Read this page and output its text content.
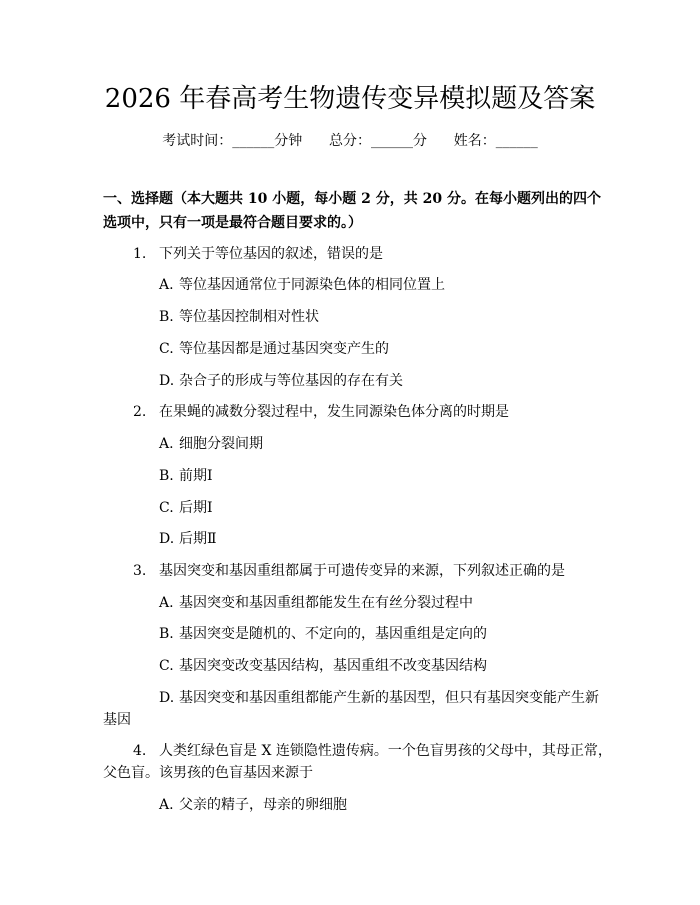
2026 年春高考生物遗传变异模拟题及答案
考试时间：______分钟      总分：______分      姓名：______
一、选择题（本大题共 10 小题，每小题 2 分，共 20 分。在每小题列出的四个选项中，只有一项是最符合题目要求的。）
1. 下列关于等位基因的叙述，错误的是
A. 等位基因通常位于同源染色体的相同位置上
B. 等位基因控制相对性状
C. 等位基因都是通过基因突变产生的
D. 杂合子的形成与等位基因的存在有关
2. 在果蝇的减数分裂过程中，发生同源染色体分离的时期是
A. 细胞分裂间期
B. 前期Ⅰ
C. 后期Ⅰ
D. 后期Ⅱ
3. 基因突变和基因重组都属于可遗传变异的来源，下列叙述正确的是
A. 基因突变和基因重组都能发生在有丝分裂过程中
B. 基因突变是随机的、不定向的，基因重组是定向的
C. 基因突变改变基因结构，基因重组不改变基因结构
D. 基因突变和基因重组都能产生新的基因型，但只有基因突变能产生新
基因
4. 人类红绿色盲是 X 连锁隐性遗传病。一个色盲男孩的父母中，其母正常，
父色盲。该男孩的色盲基因来源于
A. 父亲的精子，母亲的卵细胞
